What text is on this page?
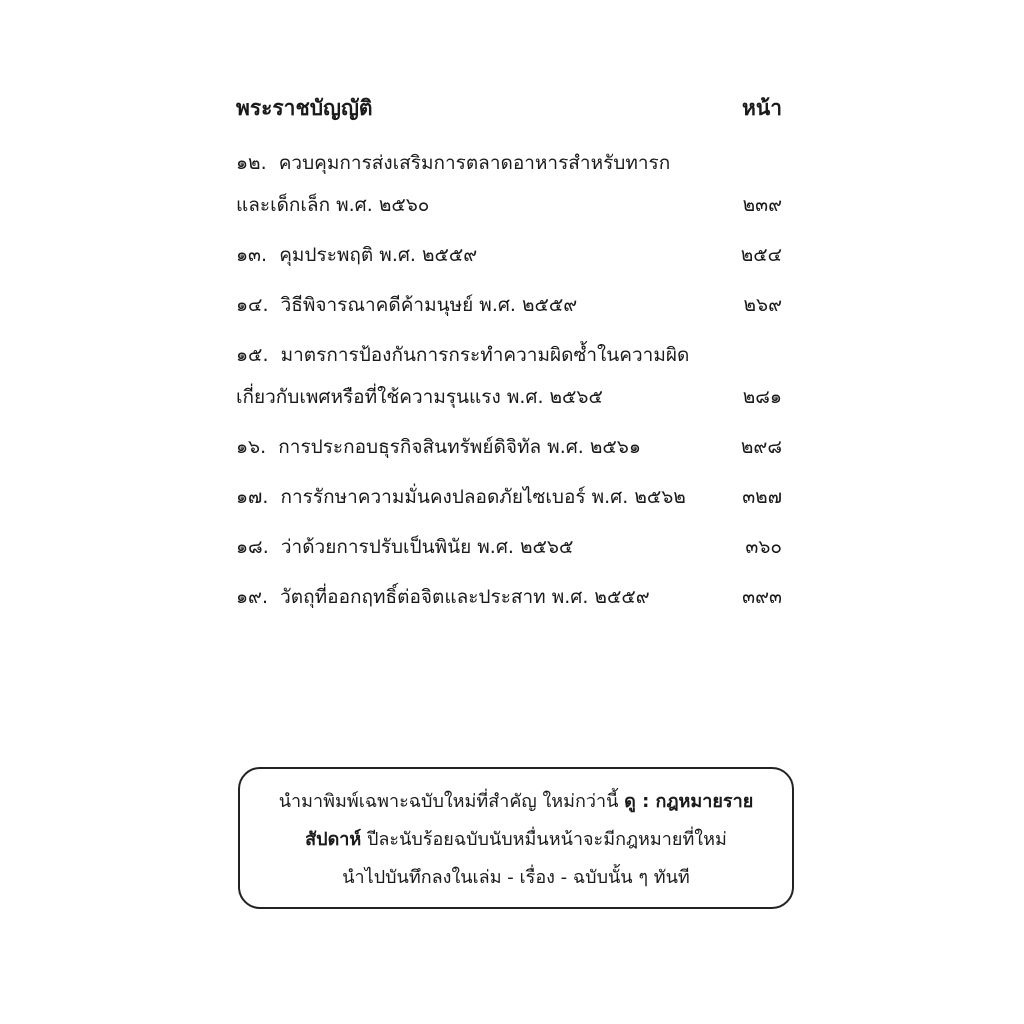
พระราชบัญญัติ	หน้า
๑๒. ควบคุมการส่งเสริมการตลาดอาหารสำหรับทารก
และเด็กเล็ก พ.ศ. ๒๕๖๐	๒๓๙
๑๓. คุมประพฤติ พ.ศ. ๒๕๕๙	๒๕๔
๑๔. วิธีพิจารณาคดีค้ามนุษย์ พ.ศ. ๒๕๕๙	๒๖๙
๑๕. มาตรการป้องกันการกระทำความผิดซ้ำในความผิด
เกี่ยวกับเพศหรือที่ใช้ความรุนแรง พ.ศ. ๒๕๖๕	๒๘๑
๑๖. การประกอบธุรกิจสินทรัพย์ดิจิทัล พ.ศ. ๒๕๖๑	๒๙๘
๑๗. การรักษาความมั่นคงปลอดภัยไซเบอร์ พ.ศ. ๒๕๖๒	๓๒๗
๑๘. ว่าด้วยการปรับเป็นพินัย พ.ศ. ๒๕๖๕	๓๖๐
๑๙. วัตถุที่ออกฤทธิ์ต่อจิตและประสาท พ.ศ. ๒๕๕๙	๓๙๓
นำมาพิมพ์เฉพาะฉบับใหม่ที่สำคัญ ใหม่กว่านี้ ดู : กฎหมายราย
สัปดาห์ ปีละนับร้อยฉบับนับหมื่นหน้าจะมีกฎหมายที่ใหม่
นำไปบันทึกลงในเล่ม - เรื่อง - ฉบับนั้น ๆ ทันที
